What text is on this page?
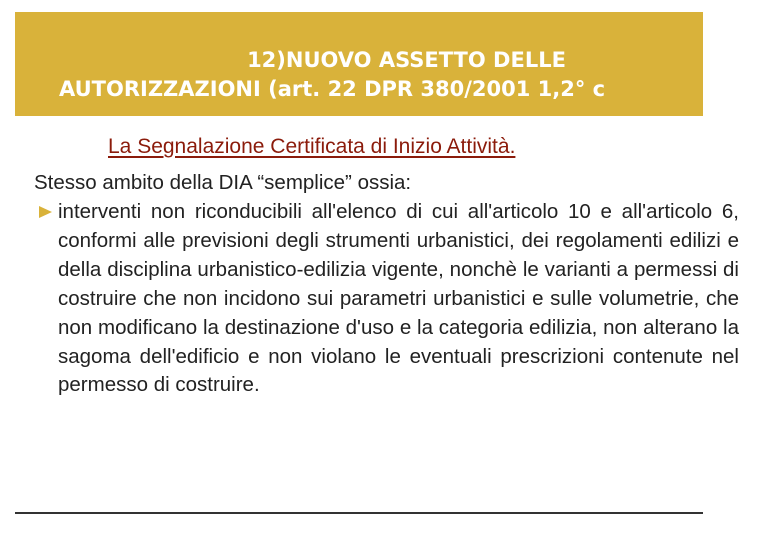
12)NUOVO ASSETTO DELLE
AUTORIZZAZIONI (art. 22 DPR 380/2001 1,2° c

La Segnalazione Certificata di Inizio Attività.

Stesso ambito della DIA “semplice” ossia:

interventi non riconducibili all'elenco di cui all'articolo 10 e all'articolo 6, conformi alle previsioni degli strumenti urbanistici, dei regolamenti edilizi e della disciplina urbanistico-edilizia vigente, nonchè le varianti a permessi di costruire che non incidono sui parametri urbanistici e sulle volumetrie, che non modificano la destinazione d'uso e la categoria edilizia, non alterano la sagoma dell'edificio e non violano le eventuali prescrizioni contenute nel permesso di costruire.
